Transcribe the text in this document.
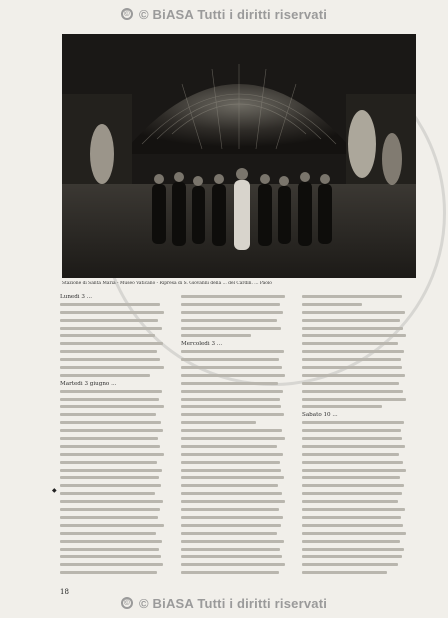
© © BiASA Tutti i diritti riservati
Stazione di Santa Maria - Museo Vaticano - Ripresa di S. Giovanni della ... del Cardin. ... Paolo
Lunedì 3 ...
Martedì 3 giugno ...
Mercoledì 3 ...
Sabato 10 ...
◆
18
© © BiASA Tutti i diritti riservati
